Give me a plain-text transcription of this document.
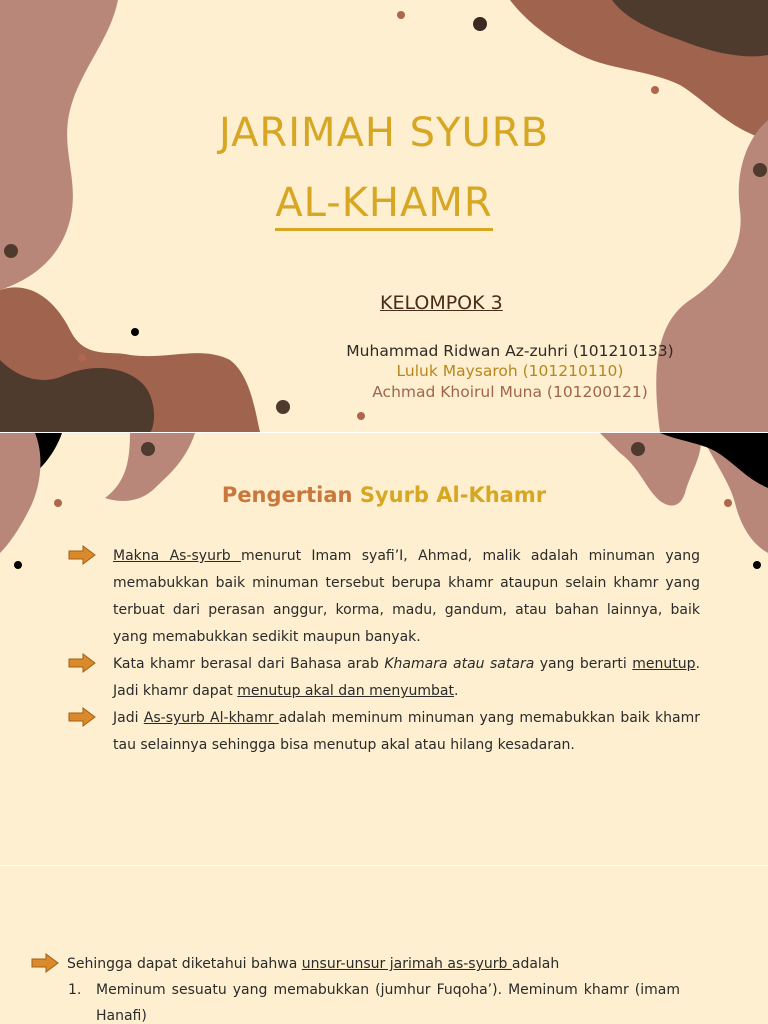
JARIMAH SYURB
AL-KHAMR
KELOMPOK 3
Muhammad Ridwan Az-zuhri (101210133)
Luluk Maysaroh (101210110)
Achmad Khoirul Muna (101200121)
Pengertian Syurb Al-Khamr
Makna As-syurb menurut Imam syafi’I, Ahmad, malik adalah minuman yang memabukkan baik minuman tersebut berupa khamr ataupun selain khamr yang terbuat dari perasan anggur, korma, madu, gandum, atau bahan lainnya, baik yang memabukkan sedikit maupun banyak.
Kata khamr berasal dari Bahasa arab Khamara atau satara yang berarti menutup. Jadi khamr dapat menutup akal dan menyumbat.
Jadi As-syurb Al-khamr adalah meminum minuman yang memabukkan baik khamr tau selainnya sehingga bisa menutup akal atau hilang kesadaran.
Sehingga dapat diketahui bahwa unsur-unsur jarimah as-syurb adalah
1. Meminum sesuatu yang memabukkan (jumhur Fuqoha’). Meminum khamr (imam Hanafi)
